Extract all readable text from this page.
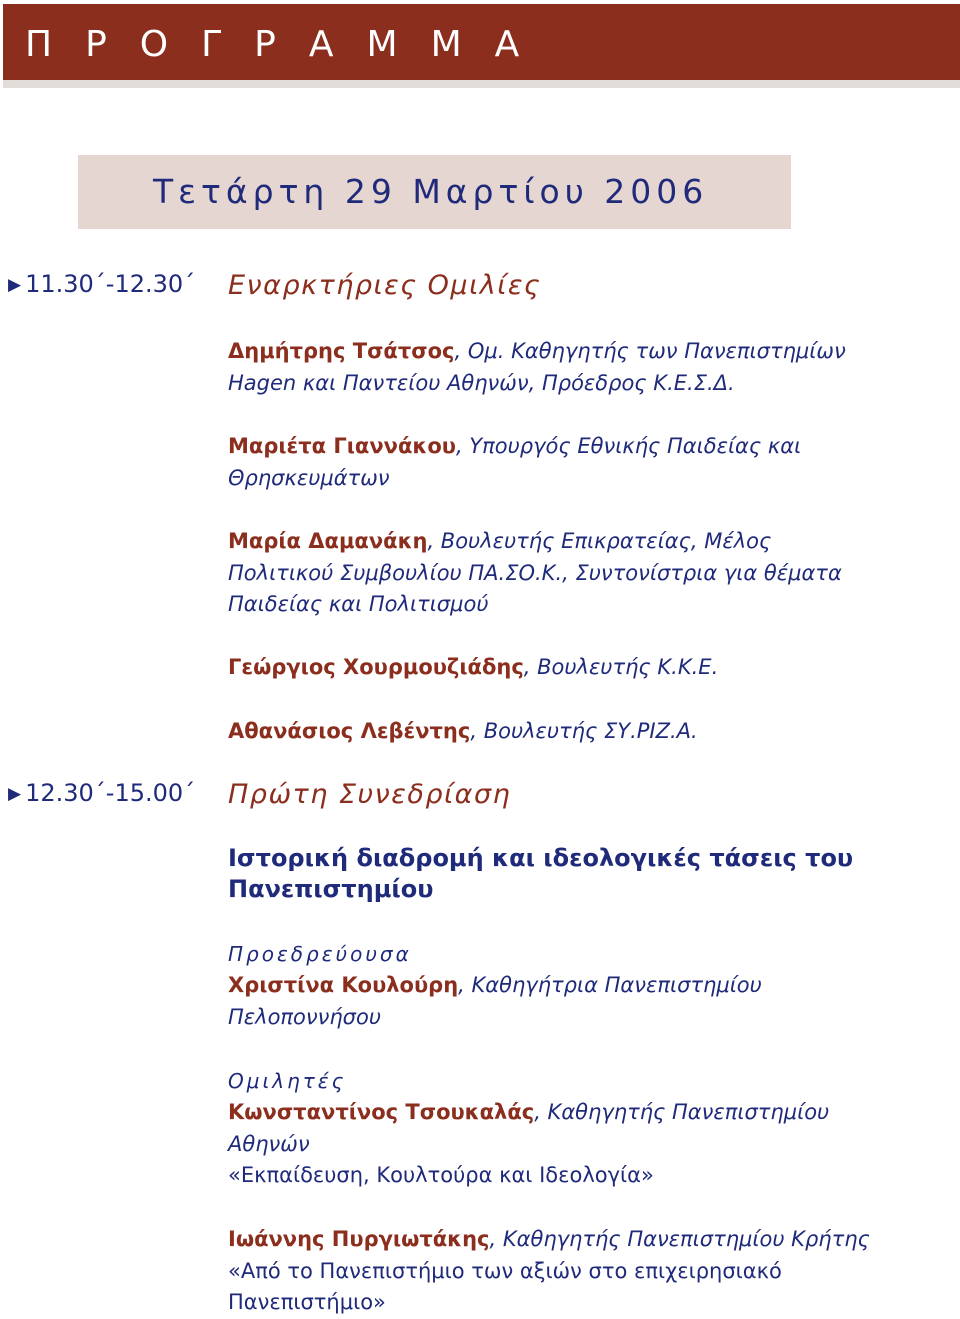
ΠΡΟΓΡΑΜΜΑ
Τετάρτη 29 Μαρτίου 2006
▶ 11.30΄-12.30΄ Εναρκτήριες Ομιλίες
Δημήτρης Τσάτσος, Ομ. Καθηγητής των Πανεπιστημίων Hagen και Παντείου Αθηνών, Πρόεδρος Κ.Ε.Σ.Δ.
Μαριέτα Γιαννάκου, Υπουργός Εθνικής Παιδείας και Θρησκευμάτων
Μαρία Δαμανάκη, Βουλευτής Επικρατείας, Μέλος Πολιτικού Συμβουλίου ΠΑ.ΣΟ.Κ., Συντονίστρια για θέματα Παιδείας και Πολιτισμού
Γεώργιος Χουρμουζιάδης, Βουλευτής Κ.Κ.Ε.
Αθανάσιος Λεβέντης, Βουλευτής ΣΥ.ΡΙΖ.Α.
▶ 12.30΄-15.00΄ Πρώτη Συνεδρίαση
Ιστορική διαδρομή και ιδεολογικές τάσεις του Πανεπιστημίου
Προεδρεύουσα
Χριστίνα Κουλούρη, Καθηγήτρια Πανεπιστημίου Πελοποννήσου
Ομιλητές
Κωνσταντίνος Τσουκαλάς, Καθηγητής Πανεπιστημίου Αθηνών
«Εκπαίδευση, Κουλτούρα και Ιδεολογία»
Ιωάννης Πυργιωτάκης, Καθηγητής Πανεπιστημίου Κρήτης
«Από το Πανεπιστήμιο των αξιών στο επιχειρησιακό Πανεπιστήμιο»
